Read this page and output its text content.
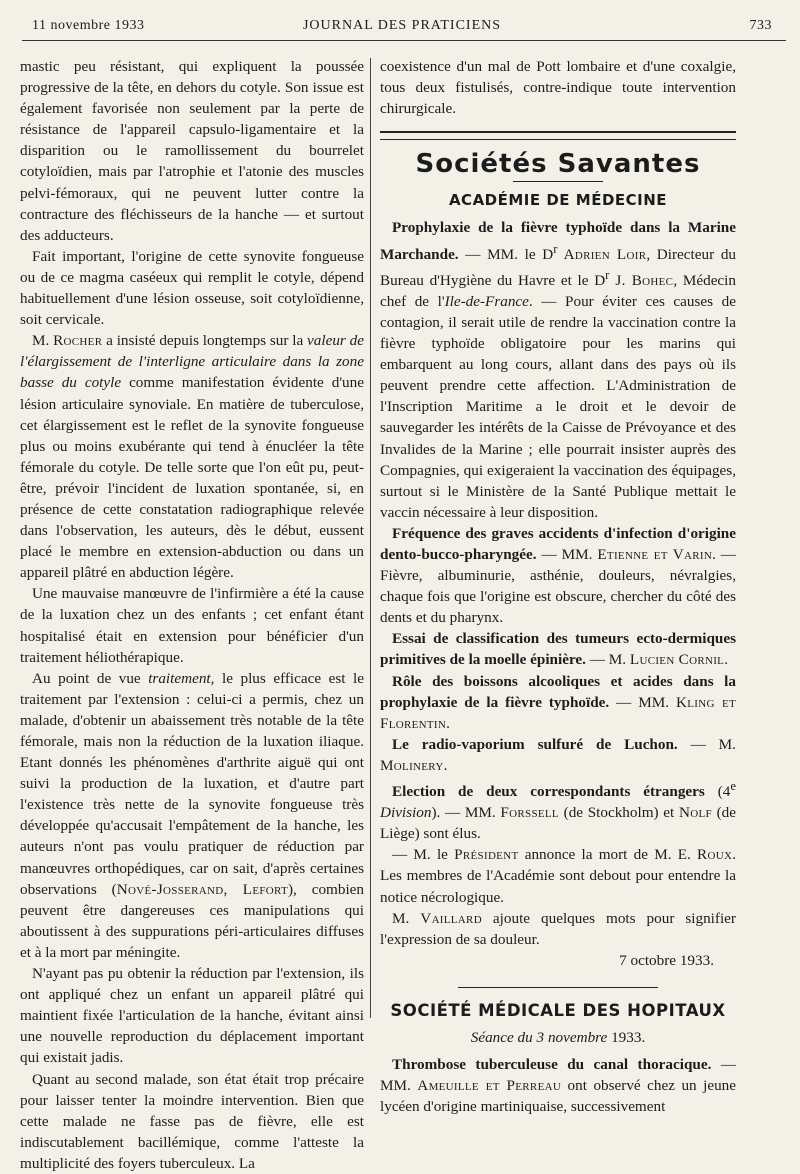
11 novembre 1933	JOURNAL DES PRATICIENS	733

mastic peu résistant, qui expliquent la poussée progressive de la tête, en dehors du cotyle. Son issue est également favorisée non seulement par la perte de résistance de l'appareil capsulo-ligamentaire et la disparition ou le ramollissement du bourrelet cotyloïdien, mais par l'atrophie et l'atonie des muscles pelvi-fémoraux, qui ne peuvent lutter contre la contracture des fléchisseurs de la hanche — et surtout des adducteurs.

Fait important, l'origine de cette synovite fongueuse ou de ce magma caséeux qui remplit le cotyle, dépend habituellement d'une lésion osseuse, soit cotyloïdienne, soit cervicale.

M. Rocher a insisté depuis longtemps sur la valeur de l'élargissement de l'interligne articulaire dans la zone basse du cotyle comme manifestation évidente d'une lésion articulaire synoviale. En matière de tuberculose, cet élargissement est le reflet de la synovite fongueuse plus ou moins exubérante qui tend à énucléer la tête fémorale du cotyle. De telle sorte que l'on eût pu, peut-être, prévoir l'incident de luxation spontanée, si, en présence de cette constatation radiographique relevée dans l'observation, les auteurs, dès le début, eussent placé le membre en extension-abduction ou dans un appareil plâtré en abduction légère.

Une mauvaise manœuvre de l'infirmière a été la cause de la luxation chez un des enfants ; cet enfant étant hospitalisé était en extension pour bénéficier d'un traitement héliothérapique.

Au point de vue traitement, le plus efficace est le traitement par l'extension : celui-ci a permis, chez un malade, d'obtenir un abaissement très notable de la tête fémorale, mais non la réduction de la luxation iliaque. Etant donnés les phénomènes d'arthrite aiguë qui ont suivi la production de la luxation, et d'autre part l'existence très nette de la synovite fongueuse très développée qu'accusait l'empâtement de la hanche, les auteurs n'ont pas voulu pratiquer de réduction par manœuvres orthopédiques, car on sait, d'après certaines observations (Nové-Josserand, Lefort), combien peuvent être dangereuses ces manipulations qui aboutissent à des suppurations péri-articulaires diffuses et à la mort par méningite.

N'ayant pas pu obtenir la réduction par l'extension, ils ont appliqué chez un enfant un appareil plâtré qui maintient fixée l'articulation de la hanche, évitant ainsi une nouvelle reproduction du déplacement important qui existait jadis.

Quant au second malade, son état était trop précaire pour laisser tenter la moindre intervention. Bien que cette malade ne fasse pas de fièvre, elle est indiscutablement bacillémique, comme l'atteste la multiplicité des foyers tuberculeux. La

coexistence d'un mal de Pott lombaire et d'une coxalgie, tous deux fistulisés, contre-indique toute intervention chirurgicale.

Sociétés Savantes
ACADÉMIE DE MÉDECINE

Prophylaxie de la fièvre typhoïde dans la Marine Marchande. — MM. le $D^r$ Adrien Loir, Directeur du Bureau d'Hygiène du Havre et le $D^r$ J. Bohec, Médecin chef de l'Ile-de-France. — Pour éviter ces causes de contagion, il serait utile de rendre la vaccination contre la fièvre typhoïde obligatoire pour les marins qui embarquent au long cours, allant dans des pays où ils peuvent prendre cette affection. L'Administration de l'Inscription Maritime a le droit et le devoir de sauvegarder les intérêts de la Caisse de Prévoyance et des Invalides de la Marine ; elle pourrait insister auprès des Compagnies, qui exigeraient la vaccination des équipages, surtout si le Ministère de la Santé Publique mettait le vaccin nécessaire à leur disposition.

Fréquence des graves accidents d'infection d'origine dento-bucco-pharyngée. — MM. Etienne et Varin. — Fièvre, albuminurie, asthénie, douleurs, névralgies, chaque fois que l'origine est obscure, chercher du côté des dents et du pharynx.

Essai de classification des tumeurs ecto-dermiques primitives de la moelle épinière. — M. Lucien Cornil.

Rôle des boissons alcooliques et acides dans la prophylaxie de la fièvre typhoïde. — MM. Kling et Florentin.

Le radio-vaporium sulfuré de Luchon. — M. Molinery.

Election de deux correspondants étrangers (4e Division). — MM. Forssell (de Stockholm) et Nolf (de Liège) sont élus.

— M. le Président annonce la mort de M. E. Roux. Les membres de l'Académie sont debout pour entendre la notice nécrologique.

M. Vaillard ajoute quelques mots pour signifier l'expression de sa douleur.

7 octobre 1933.
SOCIÉTÉ MÉDICALE DES HOPITAUX
Séance du 3 novembre 1933.

Thrombose tuberculeuse du canal thoracique. — MM. Ameuille et Perreau ont observé chez un jeune lycéen d'origine martiniquaise, successivement
